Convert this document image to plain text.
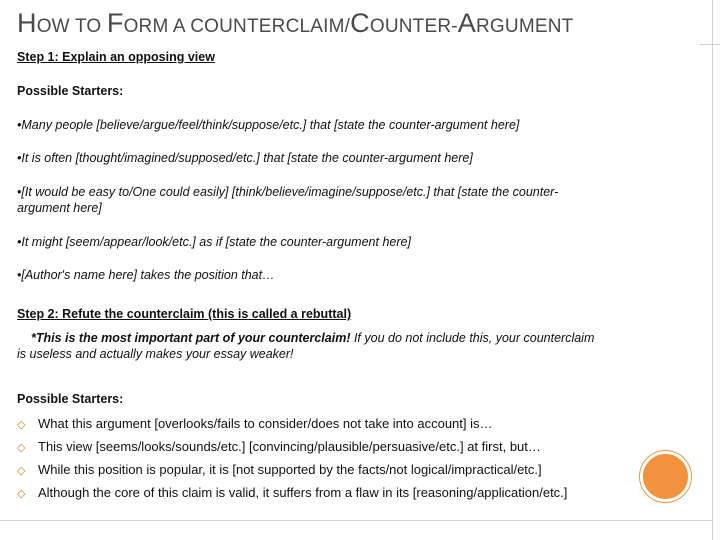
HOW TO FORM A COUNTERCLAIM/COUNTER-ARGUMENT
Step 1: Explain an opposing view
Possible Starters:
•Many people [believe/argue/feel/think/suppose/etc.] that [state the counter-argument here]
•It is often [thought/imagined/supposed/etc.] that [state the counter-argument here]
•[It would be easy to/One could easily] [think/believe/imagine/suppose/etc.] that [state the counter-
argument here]
•It might [seem/appear/look/etc.] as if [state the counter-argument here]
•[Author's name here] takes the position that…
Step 2: Refute the counterclaim (this is called a rebuttal)
*This is the most important part of your counterclaim! If you do not include this, your counterclaim
is useless and actually makes your essay weaker!
Possible Starters:
◇ What this argument [overlooks/fails to consider/does not take into account] is…
◇ This view [seems/looks/sounds/etc.] [convincing/plausible/persuasive/etc.] at first, but…
◇ While this position is popular, it is [not supported by the facts/not logical/impractical/etc.]
◇ Although the core of this claim is valid, it suffers from a flaw in its [reasoning/application/etc.]
